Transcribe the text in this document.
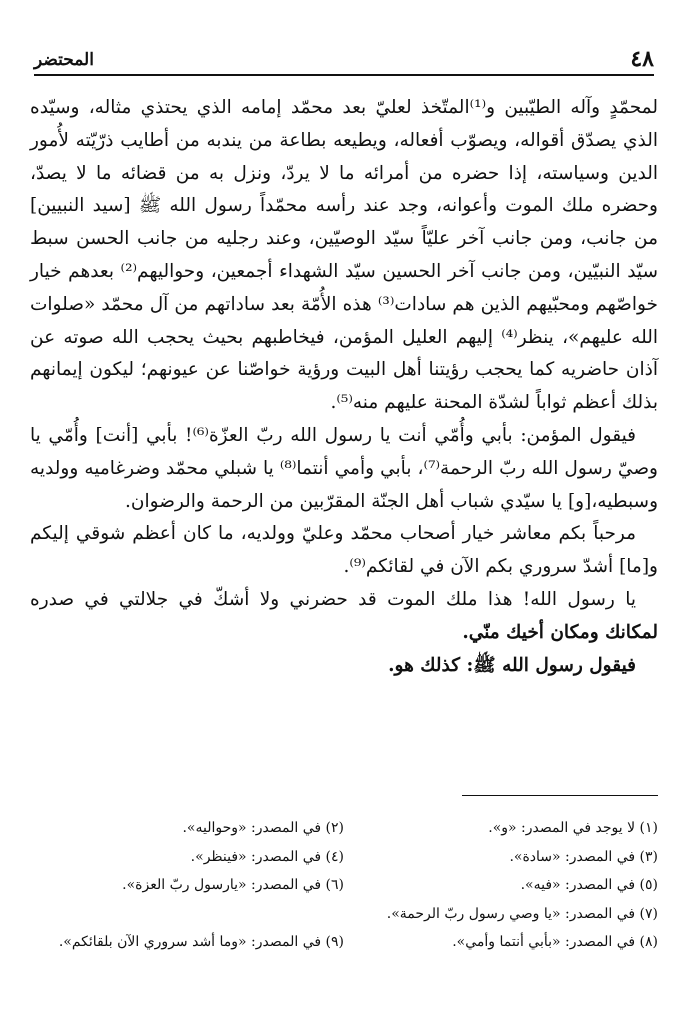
٤٨
المحتضر

لمحمّدٍ وآله الطيّبين و⁽¹⁾المتّخذ لعليّ بعد محمّد إمامه الذي يحتذي مثاله، وسيّده الذي يصدّق أقواله، ويصوّب أفعاله، ويطيعه بطاعة من يندبه من أطايب ذرّيّته لأُمور الدين وسياسته، إذا حضره من أمرائه ما لا يردّ، ونزل به من قضائه ما لا يصدّ، وحضره ملك الموت وأعوانه، وجد عند رأسه محمّداً رسول الله ﷺ [سيد النبيين] من جانب، ومن جانب آخر عليّاً سيّد الوصيّين، وعند رجليه من جانب الحسن سبط سيّد النبيّين، ومن جانب آخر الحسين سيّد الشهداء أجمعين، وحواليهم⁽²⁾ بعدهم خيار خواصّهم ومحبّيهم الذين هم سادات⁽³⁾ هذه الأُمّة بعد ساداتهم من آل محمّد «صلوات الله عليهم»، ينظر⁽⁴⁾ إليهم العليل المؤمن، فيخاطبهم بحيث يحجب الله صوته عن آذان حاضريه كما يحجب رؤيتنا أهل البيت ورؤية خواصّنا عن عيونهم؛ ليكون إيمانهم بذلك أعظم ثواباً لشدّة المحنة عليهم منه⁽⁵⁾.

فيقول المؤمن: بأبي وأُمّي أنت يا رسول الله ربّ العزّة⁽⁶⁾! بأبي [أنت] وأُمّي يا وصيّ رسول الله ربّ الرحمة⁽⁷⁾، بأبي وأمي أنتما⁽⁸⁾ يا شبلي محمّد وضرغاميه وولديه وسبطيه،[و] يا سيّدي شباب أهل الجنّة المقرّبين من الرحمة والرضوان.

مرحباً بكم معاشر خيار أصحاب محمّد وعليّ وولديه، ما كان أعظم شوقي إليكم و[ما] أشدّ سروري بكم الآن في لقائكم⁽⁹⁾.

يا رسول الله! هذا ملك الموت قد حضرني ولا أشكّ في جلالتي في صدره لمكانك ومكان أخيك منّي.

فيقول رسول الله ﷺ: كذلك هو.

(١) لا يوجد في المصدر: «و».
(٢) في المصدر: «وحواليه».
(٣) في المصدر: «سادة».
(٤) في المصدر: «فينظر».
(٥) في المصدر: «فيه».
(٦) في المصدر: «يارسول ربّ العزة».
(٧) في المصدر: «يا وصي رسول ربّ الرحمة».
(٨) في المصدر: «بأبي أنتما وأمي».
(٩) في المصدر: «وما أشد سروري الآن بلقائكم».
